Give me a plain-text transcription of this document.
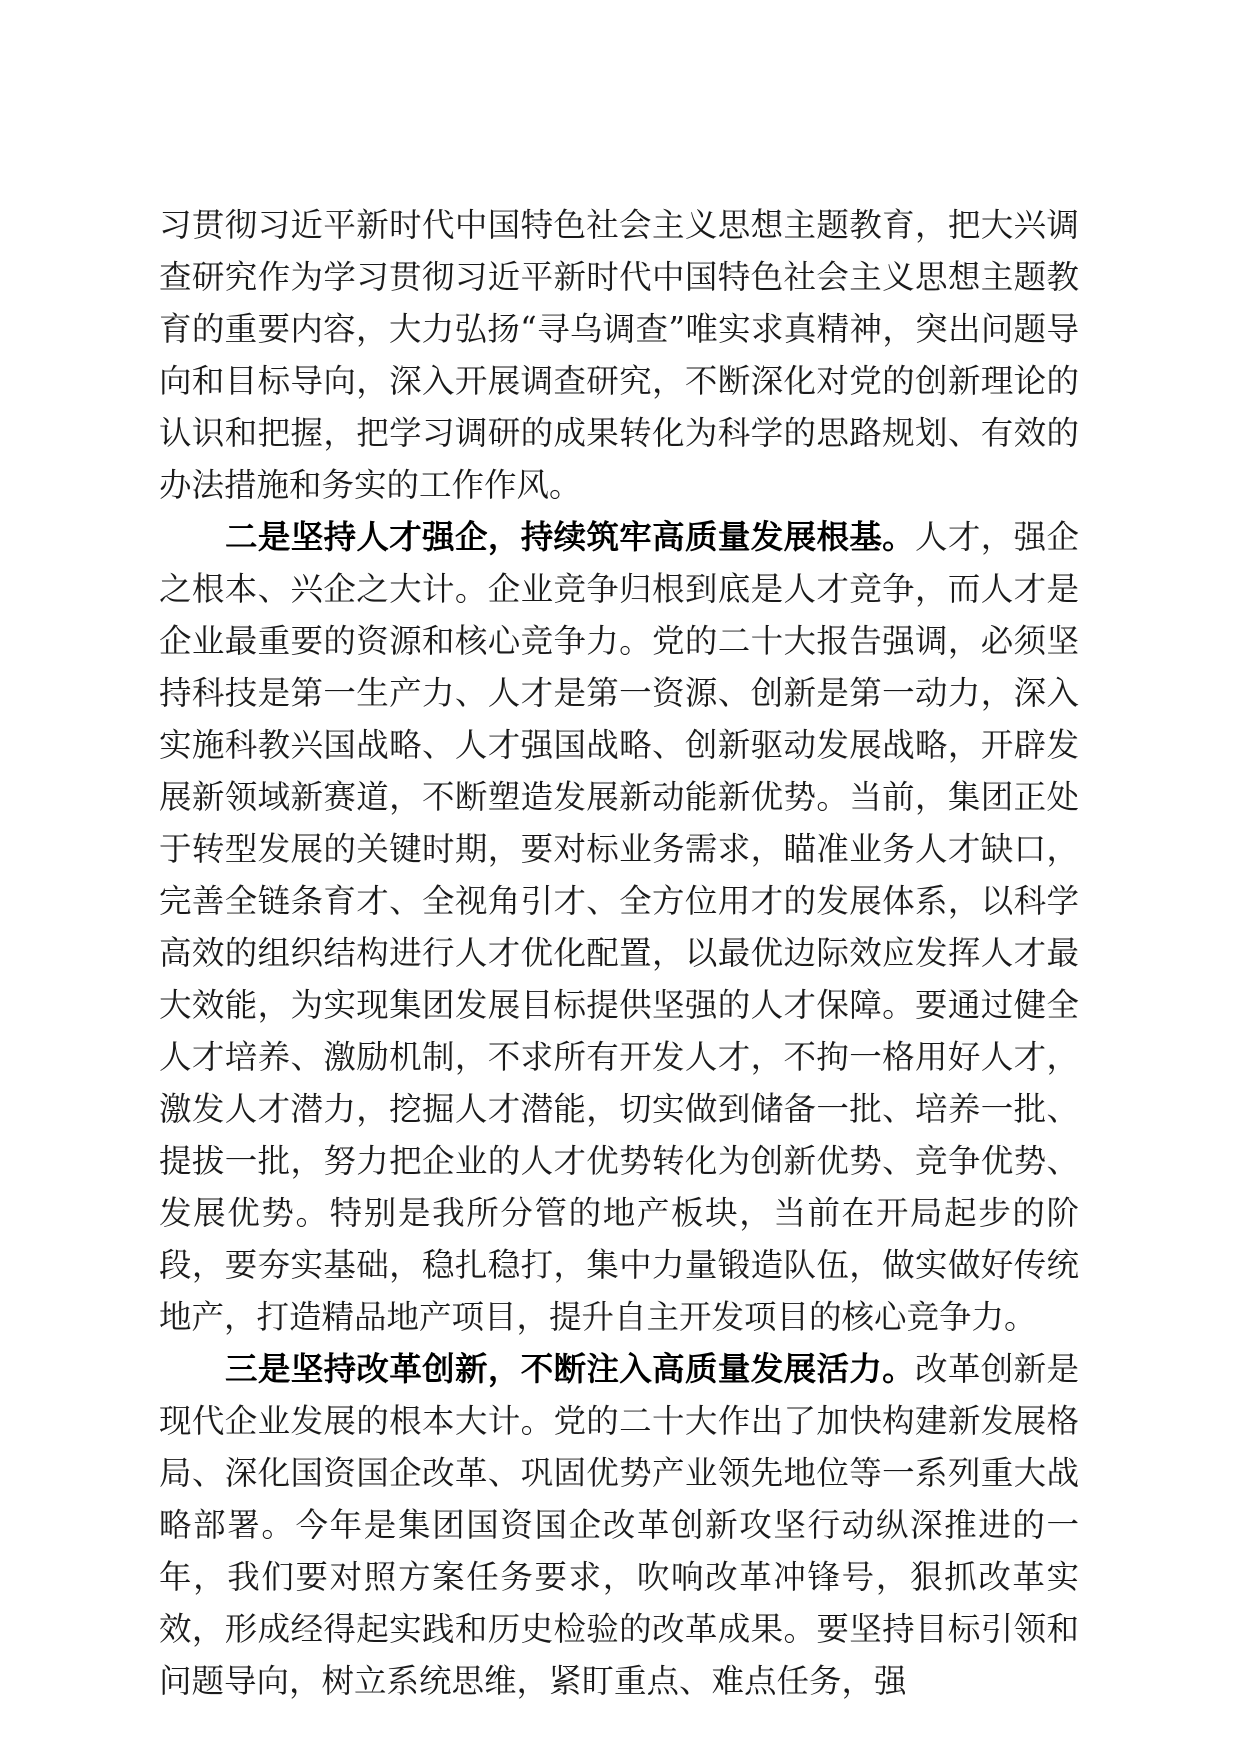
习贯彻习近平新时代中国特色社会主义思想主题教育，把大兴调查研究作为学习贯彻习近平新时代中国特色社会主义思想主题教育的重要内容，大力弘扬“寻乌调查”唯实求真精神，突出问题导向和目标导向，深入开展调查研究，不断深化对党的创新理论的认识和把握，把学习调研的成果转化为科学的思路规划、有效的办法措施和务实的工作作风。

二是坚持人才强企，持续筑牢高质量发展根基。人才，强企之根本、兴企之大计。企业竞争归根到底是人才竞争，而人才是企业最重要的资源和核心竞争力。党的二十大报告强调，必须坚持科技是第一生产力、人才是第一资源、创新是第一动力，深入实施科教兴国战略、人才强国战略、创新驱动发展战略，开辟发展新领域新赛道，不断塑造发展新动能新优势。当前，集团正处于转型发展的关键时期，要对标业务需求，瞄准业务人才缺口，完善全链条育才、全视角引才、全方位用才的发展体系，以科学高效的组织结构进行人才优化配置，以最优边际效应发挥人才最大效能，为实现集团发展目标提供坚强的人才保障。要通过健全人才培养、激励机制，不求所有开发人才，不拘一格用好人才，激发人才潜力，挖掘人才潜能，切实做到储备一批、培养一批、提拔一批，努力把企业的人才优势转化为创新优势、竞争优势、发展优势。特别是我所分管的地产板块，当前在开局起步的阶段，要夯实基础，稳扎稳打，集中力量锻造队伍，做实做好传统地产，打造精品地产项目，提升自主开发项目的核心竞争力。

三是坚持改革创新，不断注入高质量发展活力。改革创新是现代企业发展的根本大计。党的二十大作出了加快构建新发展格局、深化国资国企改革、巩固优势产业领先地位等一系列重大战略部署。今年是集团国资国企改革创新攻坚行动纵深推进的一年，我们要对照方案任务要求，吹响改革冲锋号，狠抓改革实效，形成经得起实践和历史检验的改革成果。要坚持目标引领和问题导向，树立系统思维，紧盯重点、难点任务，强
